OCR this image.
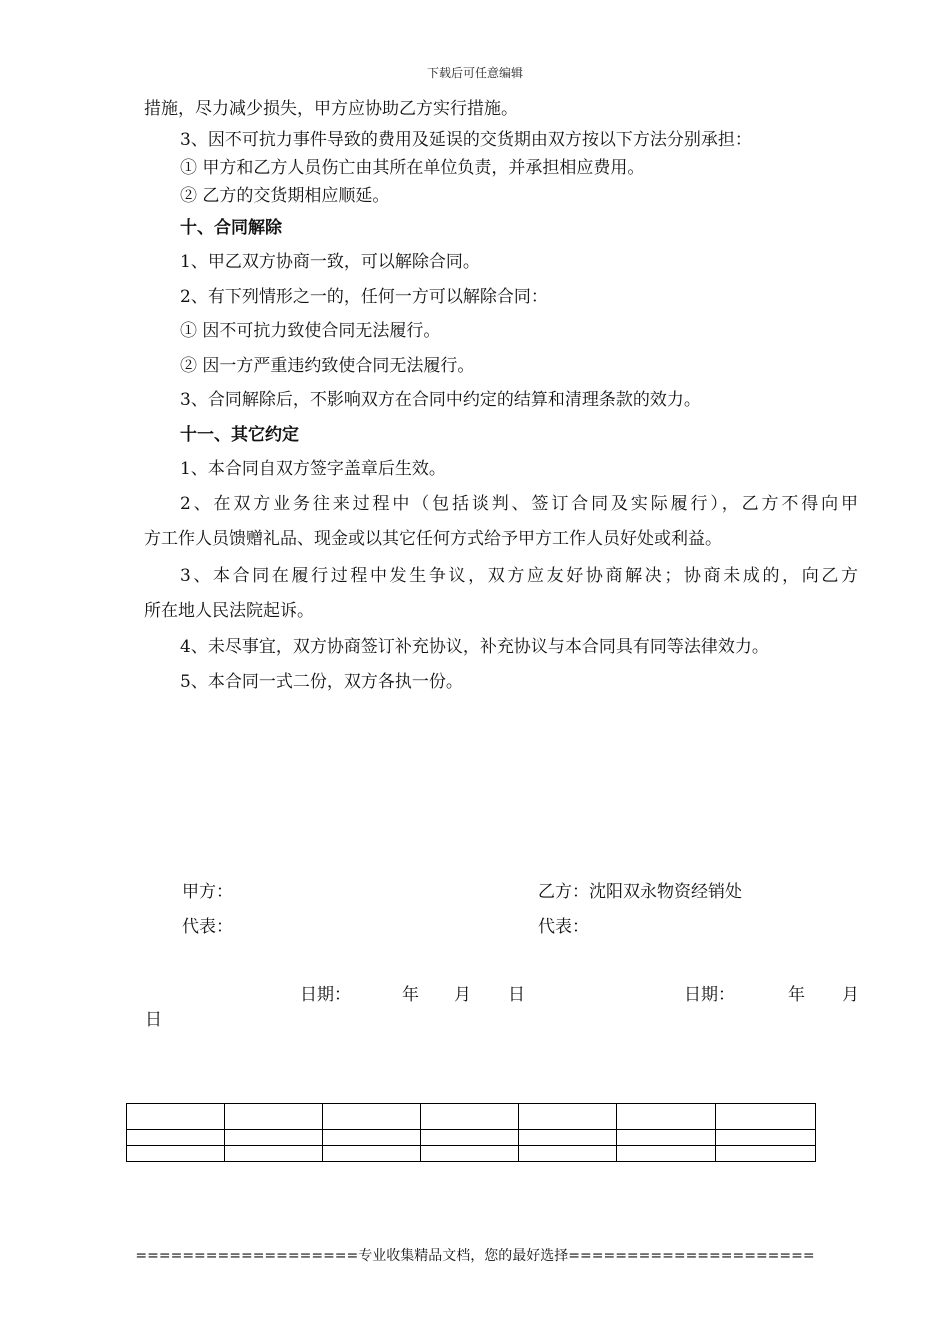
下载后可任意编辑
措施，尽力减少损失，甲方应协助乙方实行措施。
3、因不可抗力事件导致的费用及延误的交货期由双方按以下方法分别承担：
① 甲方和乙方人员伤亡由其所在单位负责，并承担相应费用。
② 乙方的交货期相应顺延。
十、合同解除
1、甲乙双方协商一致，可以解除合同。
2、有下列情形之一的，任何一方可以解除合同：
① 因不可抗力致使合同无法履行。
② 因一方严重违约致使合同无法履行。
3、合同解除后，不影响双方在合同中约定的结算和清理条款的效力。
十一、其它约定
1、本合同自双方签字盖章后生效。
2、在双方业务往来过程中（包括谈判、签订合同及实际履行），乙方不得向甲
方工作人员馈赠礼品、现金或以其它任何方式给予甲方工作人员好处或利益。
3、本合同在履行过程中发生争议，双方应友好协商解决；协商未成的，向乙方
所在地人民法院起诉。
4、未尽事宜，双方协商签订补充协议，补充协议与本合同具有同等法律效力。
5、本合同一式二份，双方各执一份。
甲方：	乙方：沈阳双永物资经销处
代表：	代表：
日期：	年 月 日	日期：	年 月
日

===================专业收集精品文档，您的最好选择=====================
